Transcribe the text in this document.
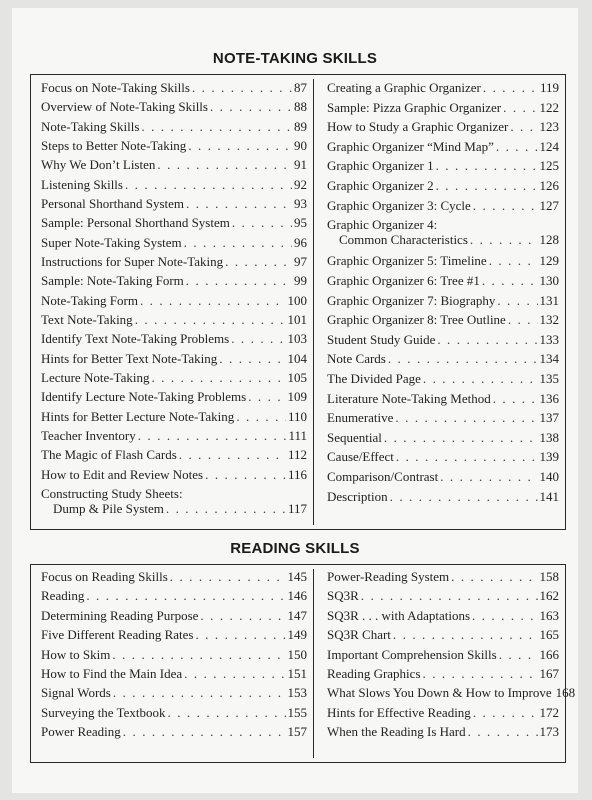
NOTE-TAKING SKILLS
Focus on Note-Taking Skills . . .	87
Overview of Note-Taking Skills . . .	88
Note-Taking Skills . . .	89
Steps to Better Note-Taking . . .	90
Why We Don’t Listen . . .	91
Listening Skills . . .	92
Personal Shorthand System . . .	93
Sample: Personal Shorthand System . . .	95
Super Note-Taking System . . .	96
Instructions for Super Note-Taking . . .	97
Sample: Note-Taking Form . . .	99
Note-Taking Form . . .	100
Text Note-Taking . . .	101
Identify Text Note-Taking Problems . . .	103
Hints for Better Text Note-Taking . . .	104
Lecture Note-Taking . . .	105
Identify Lecture Note-Taking Problems . . .	109
Hints for Better Lecture Note-Taking . . .	110
Teacher Inventory . . .	111
The Magic of Flash Cards . . .	112
How to Edit and Review Notes . . .	116
Constructing Study Sheets:
Dump & Pile System . . .	117
Creating a Graphic Organizer . . .	119
Sample: Pizza Graphic Organizer . . .	122
How to Study a Graphic Organizer . . . 123
Graphic Organizer “Mind Map” . . .	124
Graphic Organizer 1 . . .	125
Graphic Organizer 2 . . .	126
Graphic Organizer 3: Cycle . . .	127
Graphic Organizer 4:
Common Characteristics . . .	128
Graphic Organizer 5: Timeline . . .	129
Graphic Organizer 6: Tree #1 . . .	130
Graphic Organizer 7: Biography . . .	131
Graphic Organizer 8: Tree Outline . . .	132
Student Study Guide . . .	133
Note Cards . . .	134
The Divided Page . . .	135
Literature Note-Taking Method . . .	136
Enumerative . . .	137
Sequential . . .	138
Cause/Effect . . .	139
Comparison/Contrast . . .	140
Description . . .	141
READING SKILLS
Focus on Reading Skills . . .	145
Reading . . .	146
Determining Reading Purpose . . .	147
Five Different Reading Rates . . .	149
How to Skim . . .	150
How to Find the Main Idea . . .	151
Signal Words . . .	153
Surveying the Textbook . . .	155
Power Reading . . .	157
Power-Reading System . . .	158
SQ3R . . .	162
SQ3R . . . with Adaptations . . .	163
SQ3R Chart . . .	165
Important Comprehension Skills . . .	166
Reading Graphics . . .	167
What Slows You Down & How to Improve 168
Hints for Effective Reading . . .	172
When the Reading Is Hard . . .	173
